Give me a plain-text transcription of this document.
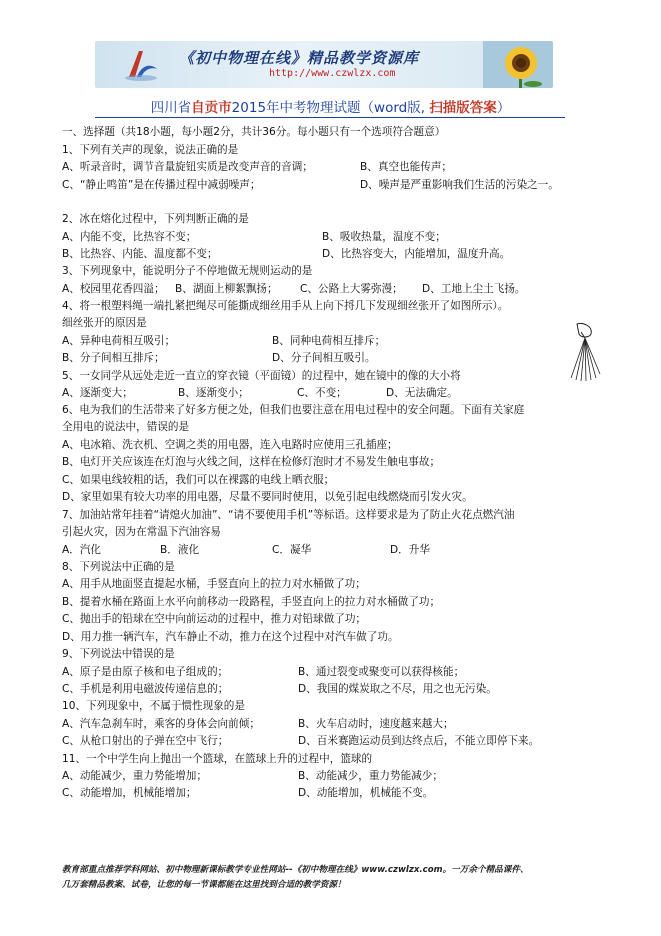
《初中物理在线》精品教学资源库
http://www.czwlzx.com
四川省自贡市2015年中考物理试题（word版, 扫描版答案）
一、选择题（共18小题，每小题2分，共计36分。每小题只有一个选项符合题意）
1、下列有关声的现象，说法正确的是
A、听录音时，调节音量旋钮实质是改变声音的音调；	B、真空也能传声；
C、“静止鸣笛”是在传播过程中减弱噪声；	D、噪声是严重影响我们生活的污染之一。
2、冰在熔化过程中，下列判断正确的是
A、内能不变，比热容不变；	B、吸收热量，温度不变；
B、比热容、内能、温度都不变；	D、比热容变大，内能增加，温度升高。
3、下列现象中，能说明分子不停地做无规则运动的是
A、校园里花香四溢； B、湖面上柳絮飘扬； C、公路上大雾弥漫； D、工地上尘土飞扬。
4、将一根塑料绳一端扎紧把绳尽可能撕成细丝用手从上向下捋几下发现细丝张开了如图所示）。
细丝张开的原因是
A、异种电荷相互吸引；	B、同种电荷相互排斥；
B、分子间相互排斥；	D、分子间相互吸引。
5、一女同学从远处走近一直立的穿衣镜（平面镜）的过程中，她在镜中的像的大小将
A、逐渐变大；	B、逐渐变小；	C、不变；	D、无法确定。
6、电为我们的生活带来了好多方便之处，但我们也要注意在用电过程中的安全问题。下面有关家庭
全用电的说法中，错误的是
A、电冰箱、洗衣机、空调之类的用电器，连入电路时应使用三孔插座；
B、电灯开关应该连在灯泡与火线之间，这样在检修灯泡时才不易发生触电事故；
C、如果电线较粗的话，我们可以在裸露的电线上晒衣服；
D、家里如果有较大功率的用电器，尽量不要同时使用，以免引起电线燃烧而引发火灾。
7、加油站常年挂着“请熄火加油”、“请不要使用手机”等标语。这样要求是为了防止火花点燃汽油
引起火灾，因为在常温下汽油容易
A．汽化	B．液化	C．凝华	D．升华
8、下列说法中正确的是
A、用手从地面竖直提起水桶，手竖直向上的拉力对水桶做了功；
B、提着水桶在路面上水平向前移动一段路程，手竖直向上的拉力对水桶做了功；
C、抛出手的铅球在空中向前运动的过程中，推力对铅球做了功；
D、用力推一辆汽车，汽车静止不动，推力在这个过程中对汽车做了功。
9、下列说法中错误的是
A、原子是由原子核和电子组成的；	B、通过裂变或聚变可以获得核能；
C、手机是利用电磁波传递信息的；	D、我国的煤炭取之不尽，用之也无污染。
10、下列现象中，不属于惯性现象的是
A、汽车急刹车时，乘客的身体会向前倾；	B、火车启动时，速度越来越大；
C、从枪口射出的子弹在空中飞行；	D、百米赛跑运动员到达终点后，不能立即停下来。
11、一个中学生向上抛出一个篮球，在篮球上升的过程中，篮球的
A、动能减少，重力势能增加；	B、动能减少，重力势能减少；
C、动能增加，机械能增加；	D、动能增加，机械能不变。
教育部重点推荐学科网站、初中物理新课标教学专业性网站--《初中物理在线》www.czwlzx.com。一万余个精品课件、
几万套精品教案、试卷，让您的每一节课都能在这里找到合适的教学资源！
